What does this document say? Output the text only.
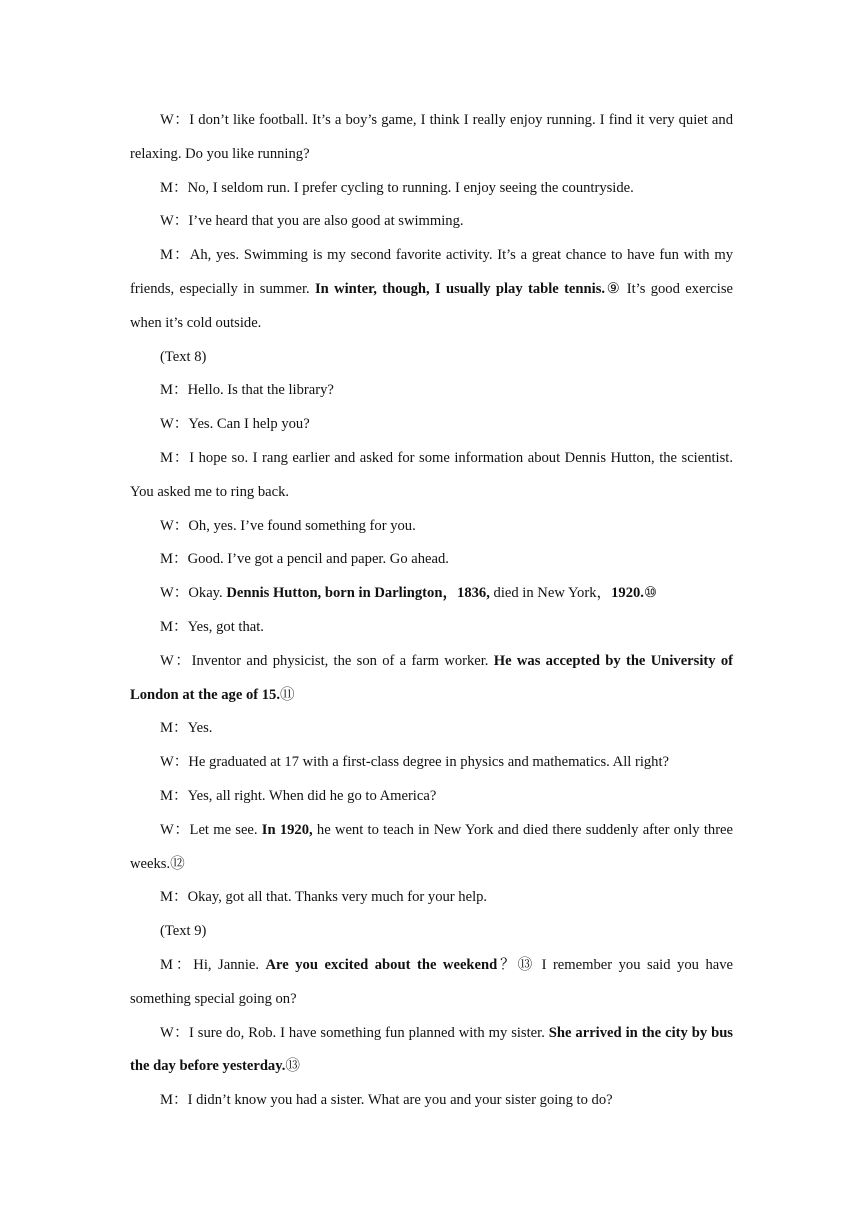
W：I don’t like football. It’s a boy’s game, I think I really enjoy running. I find it very quiet and relaxing. Do you like running?

M：No, I seldom run. I prefer cycling to running. I enjoy seeing the countryside.

W：I’ve heard that you are also good at swimming.

M：Ah, yes. Swimming is my second favorite activity. It’s a great chance to have fun with my friends, especially in summer. In winter, though, I usually play table tennis.⑨ It’s good exercise when it’s cold outside.

(Text 8)

M：Hello. Is that the library?

W：Yes. Can I help you?

M：I hope so. I rang earlier and asked for some information about Dennis Hutton, the scientist. You asked me to ring back.

W：Oh, yes. I’ve found something for you.

M：Good. I’ve got a pencil and paper. Go ahead.

W：Okay. Dennis Hutton, born in Darlington，1836, died in New York，1920.⑩

M：Yes, got that.

W：Inventor and physicist, the son of a farm worker. He was accepted by the University of London at the age of 15.⑪

M：Yes.

W：He graduated at 17 with a first-class degree in physics and mathematics. All right?

M：Yes, all right. When did he go to America?

W：Let me see. In 1920, he went to teach in New York and died there suddenly after only three weeks.⑫

M：Okay, got all that. Thanks very much for your help.

(Text 9)

M：Hi, Jannie. Are you excited about the weekend？⑬ I remember you said you have something special going on?

W：I sure do, Rob. I have something fun planned with my sister. She arrived in the city by bus the day before yesterday.⑬

M：I didn’t know you had a sister. What are you and your sister going to do?
